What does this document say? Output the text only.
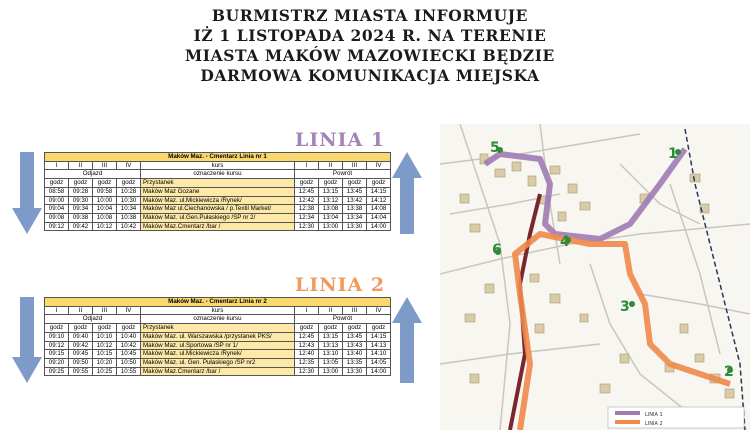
BURMISTRZ MIASTA INFORMUJE
IŻ 1 LISTOPADA 2024 R. NA TERENIE
MIASTA MAKÓW MAZOWIECKI BĘDZIE
DARMOWA KOMUNIKACJA MIEJSKA
LINIA 1
LINIA 2
Maków Maz. - Cmentarz Linia nr 1								
I	II	III	IV	kurs	I	II	III	IV
Odjazd				oznaczenie kursu	Powrót			
godz	godz	godz	godz	Przystanek	godz	godz	godz	godz
08:58	09:28	09:58	10:28	Maków Maz Gozane	12:45	13:15	13:45	14:15
09:00	09:30	10:00	10:30	Maków Maz. ul.Mickiewicza /Rynek/	12:42	13:12	13:42	14:12
09:04	09:34	10:04	10:34	Maków Maz ul.Ciechanowska / p.Textil Market/	12:38	13:08	13:38	14:08
09:08	09:38	10:08	10:38	Maków Maz. ul.Gen.Pułaskiego /SP nr 2/	12:34	13:04	13:34	14:04
09:12	09:42	10:12	10:42	Maków Maz.Cmentarz /bar /	12:30	13:00	13:30	14:00
Maków Maz. - Cmentarz Linia nr 2								
I	II	III	IV	kurs	I	II	III	IV
Odjazd				oznaczenie kursu	Powrót			
godz	godz	godz	godz	Przystanek	godz	godz	godz	godz
09:10	09:40	10:10	10:40	Maków Maz. ul. Warszawska /przystanek PKS/	12:45	13:15	13:45	14:15
09:12	09:42	10:12	10:42	Maków Maz. ul.Sportowa /SP nr 1/	12:43	13:13	13:43	14:13
09:15	09:45	10:15	10:45	Maków Maz. ul.Mickiewicza /Rynek/	12:40	13:10	13:40	14:10
09:20	09:50	10:20	10:50	Maków Maz. ul. Gen. Pułaskiego /SP nr2	12:35	13:05	13:35	14:05
09:25	09:55	10:25	10:55	Maków Maz.Cmentarz /bar /	12:30	13:00	13:30	14:00
1
2
3
4
5
6
LINIA 1
LINIA 2
